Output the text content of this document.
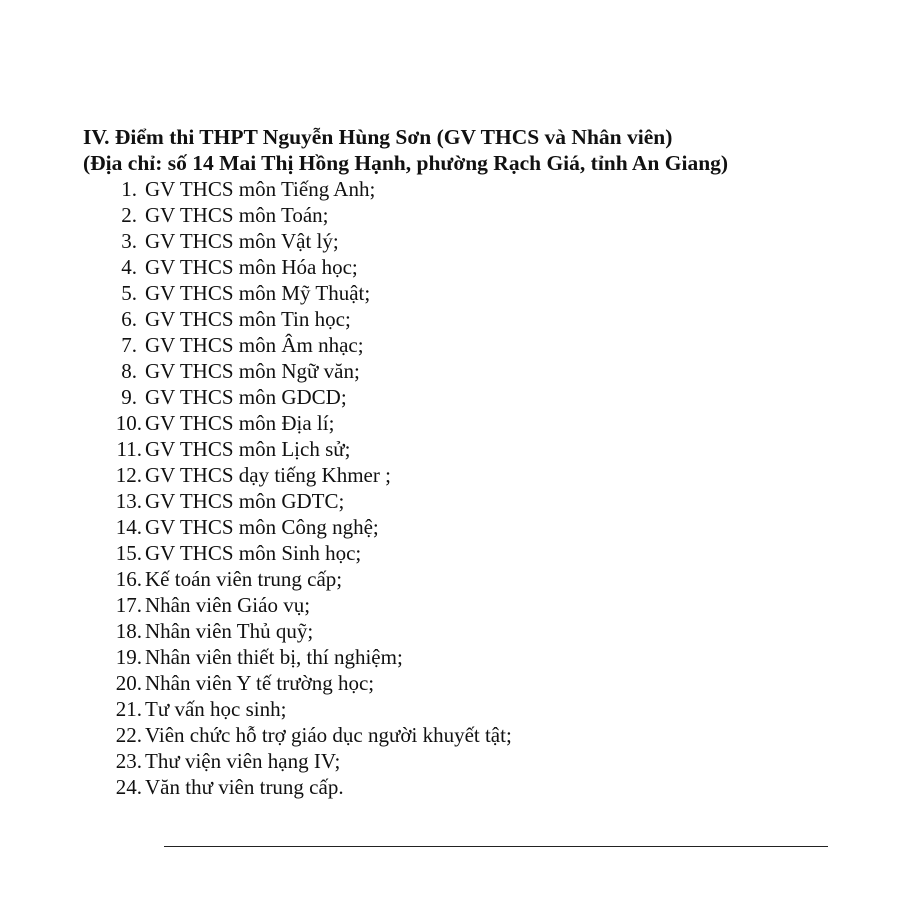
IV. Điểm thi THPT Nguyễn Hùng Sơn (GV THCS và Nhân viên)
(Địa chỉ: số 14 Mai Thị Hồng Hạnh, phường Rạch Giá, tỉnh An Giang)
1. GV THCS môn Tiếng Anh;
2. GV THCS môn Toán;
3. GV THCS môn Vật lý;
4. GV THCS môn Hóa học;
5. GV THCS môn Mỹ Thuật;
6. GV THCS môn Tin học;
7. GV THCS môn Âm nhạc;
8. GV THCS môn Ngữ văn;
9. GV THCS môn GDCD;
10. GV THCS môn Địa lí;
11. GV THCS môn Lịch sử;
12. GV THCS dạy tiếng Khmer ;
13. GV THCS môn GDTC;
14. GV THCS môn Công nghệ;
15. GV THCS môn Sinh học;
16. Kế toán viên trung cấp;
17. Nhân viên Giáo vụ;
18. Nhân viên Thủ quỹ;
19. Nhân viên thiết bị, thí nghiệm;
20. Nhân viên Y tế trường học;
21. Tư vấn học sinh;
22. Viên chức hỗ trợ giáo dục người khuyết tật;
23. Thư viện viên hạng IV;
24. Văn thư viên trung cấp.
